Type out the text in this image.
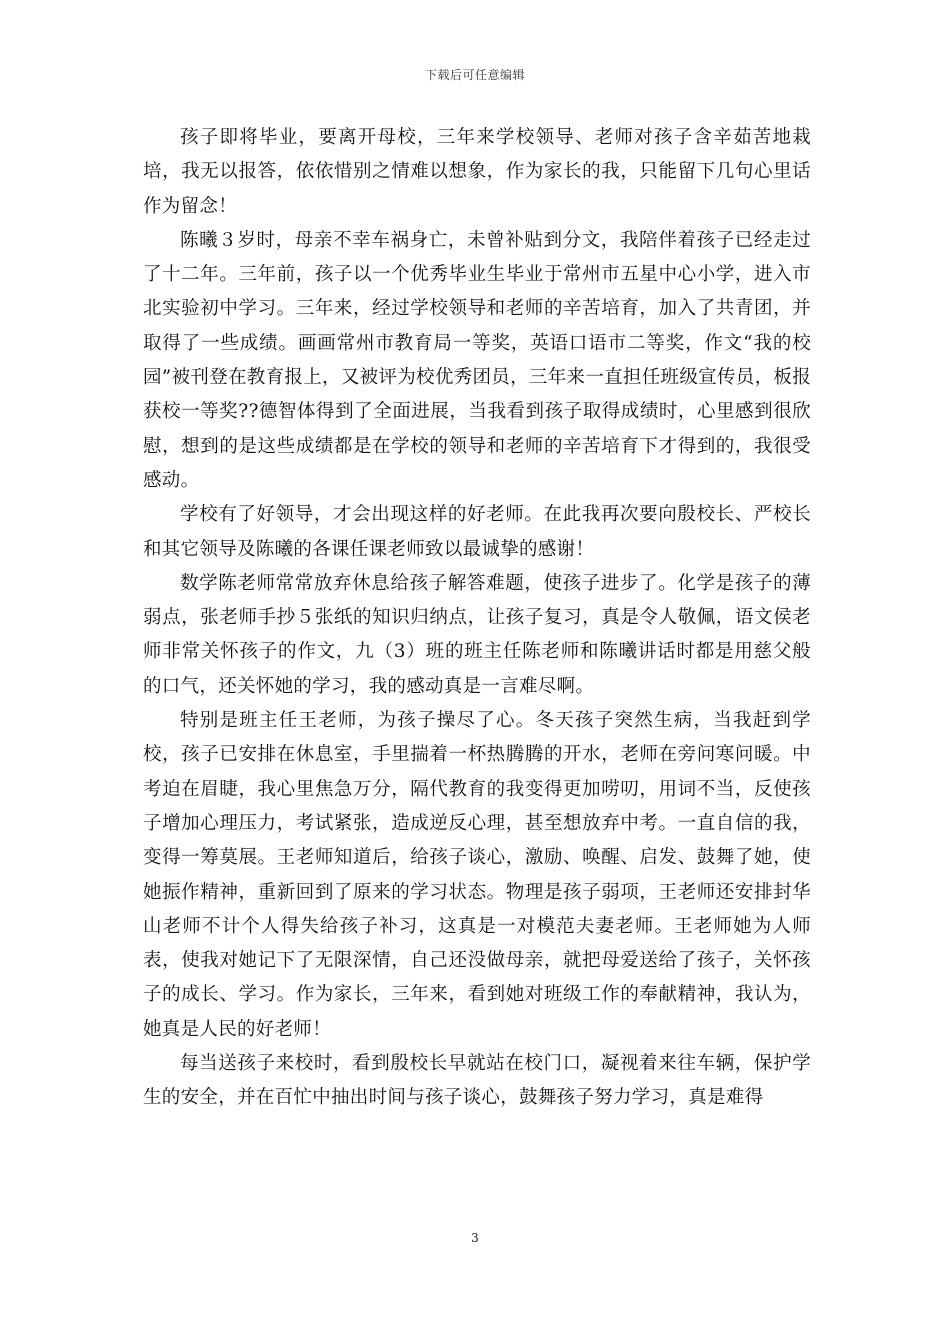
下载后可任意编辑

孩子即将毕业，要离开母校，三年来学校领导、老师对孩子含辛茹苦地栽培，我无以报答，依依惜别之情难以想象，作为家长的我，只能留下几句心里话作为留念！

陈曦３岁时，母亲不幸车祸身亡，未曾补贴到分文，我陪伴着孩子已经走过了十二年。三年前，孩子以一个优秀毕业生毕业于常州市五星中心小学，进入市北实验初中学习。三年来，经过学校领导和老师的辛苦培育，加入了共青团，并取得了一些成绩。画画常州市教育局一等奖，英语口语市二等奖，作文“我的校园”被刊登在教育报上，又被评为校优秀团员，三年来一直担任班级宣传员，板报获校一等奖??德智体得到了全面进展，当我看到孩子取得成绩时，心里感到很欣慰，想到的是这些成绩都是在学校的领导和老师的辛苦培育下才得到的，我很受感动。

学校有了好领导，才会出现这样的好老师。在此我再次要向殷校长、严校长和其它领导及陈曦的各课任课老师致以最诚挚的感谢！

数学陈老师常常放弃休息给孩子解答难题，使孩子进步了。化学是孩子的薄弱点，张老师手抄５张纸的知识归纳点，让孩子复习，真是令人敬佩，语文侯老师非常关怀孩子的作文，九（3）班的班主任陈老师和陈曦讲话时都是用慈父般的口气，还关怀她的学习，我的感动真是一言难尽啊。

特别是班主任王老师，为孩子操尽了心。冬天孩子突然生病，当我赶到学校，孩子已安排在休息室，手里揣着一杯热腾腾的开水，老师在旁问寒问暖。中考迫在眉睫，我心里焦急万分，隔代教育的我变得更加唠叨，用词不当，反使孩子增加心理压力，考试紧张，造成逆反心理，甚至想放弃中考。一直自信的我，变得一筹莫展。王老师知道后，给孩子谈心，激励、唤醒、启发、鼓舞了她，使她振作精神，重新回到了原来的学习状态。物理是孩子弱项，王老师还安排封华山老师不计个人得失给孩子补习，这真是一对模范夫妻老师。王老师她为人师表，使我对她记下了无限深情，自己还没做母亲，就把母爱送给了孩子，关怀孩子的成长、学习。作为家长，三年来，看到她对班级工作的奉献精神，我认为，她真是人民的好老师！

每当送孩子来校时，看到殷校长早就站在校门口，凝视着来往车辆，保护学生的安全，并在百忙中抽出时间与孩子谈心，鼓舞孩子努力学习，真是难得

3
